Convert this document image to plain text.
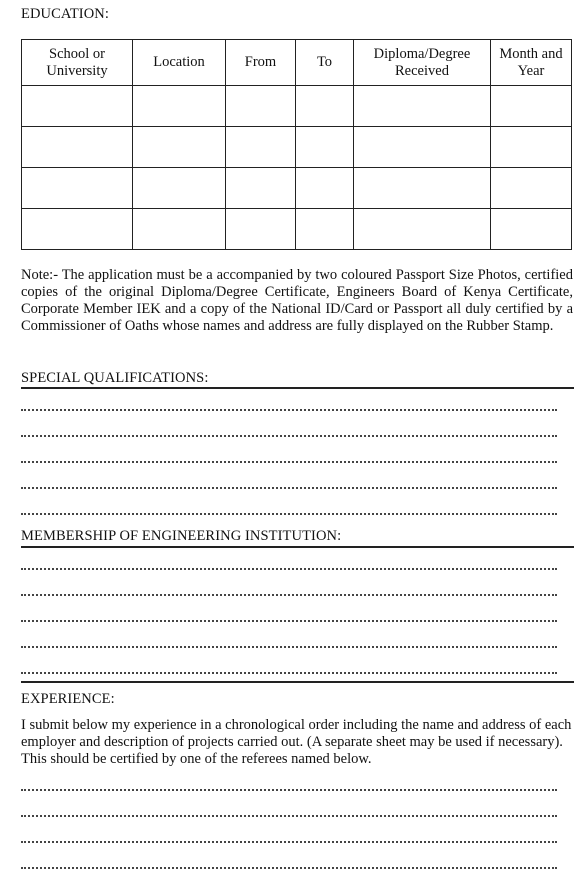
EDUCATION:
School or University	Location	From	To	Diploma/Degree Received	Month and Year

Note:- The application must be a accompanied by two coloured Passport Size Photos, certified copies of the original Diploma/Degree Certificate, Engineers Board of Kenya Certificate, Corporate Member IEK and a copy of the National ID/Card or Passport all duly certified by a Commissioner of Oaths whose names and address are fully displayed on the Rubber Stamp.
SPECIAL QUALIFICATIONS:
MEMBERSHIP OF ENGINEERING INSTITUTION:
EXPERIENCE:
I submit below my experience in a chronological order including the name and address of each employer and description of projects carried out. (A separate sheet may be used if necessary). This should be certified by one of the referees named below.
